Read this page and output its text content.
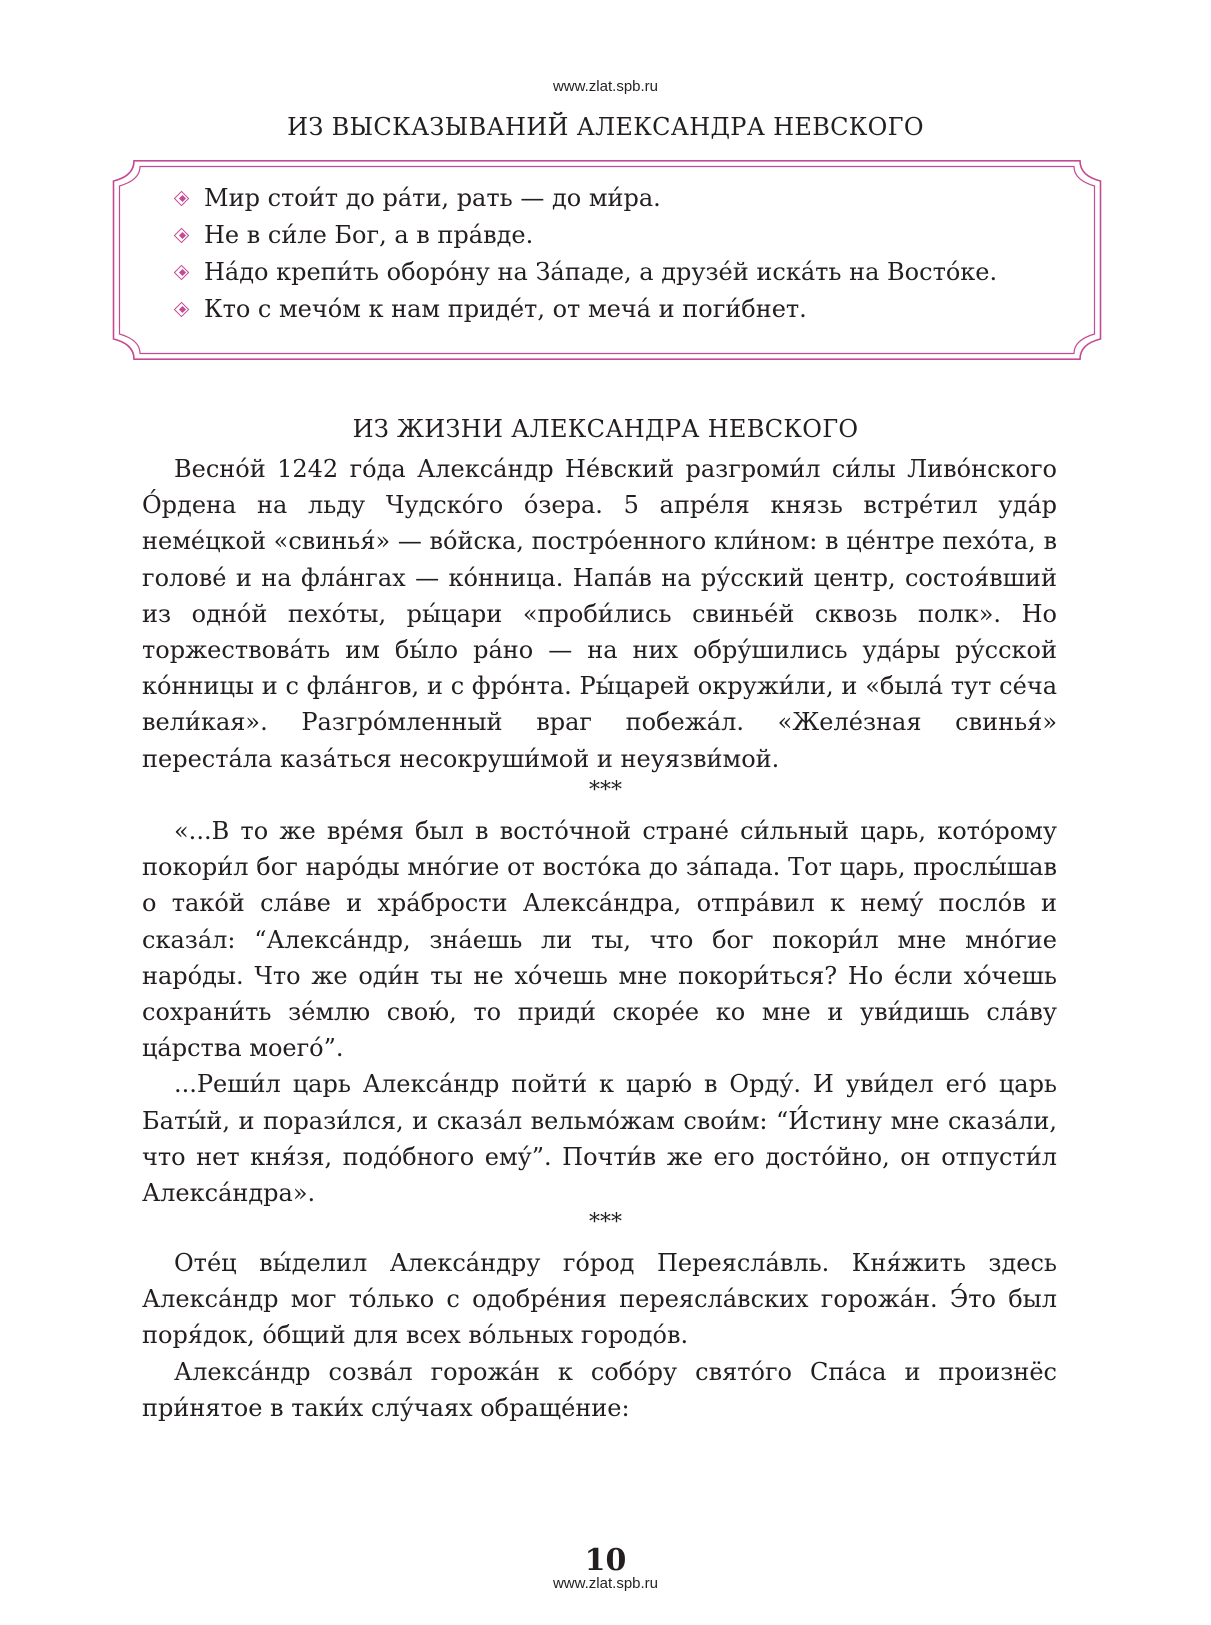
www.zlat.spb.ru
ИЗ ВЫСКАЗЫВАНИЙ АЛЕКСАНДРА НЕВСКОГО
Мир стои́т до ра́ти, рать — до ми́ра.
Не в си́ле Бог, а в пра́вде.
На́до крепи́ть оборо́ну на За́паде, а друзе́й иска́ть на Восто́ке.
Кто с мечо́м к нам приде́т, от меча́ и поги́бнет.
ИЗ ЖИЗНИ АЛЕКСАНДРА НЕВСКОГО

Весно́й 1242 го́да Алекса́ндр Не́вский разгроми́л си́лы Ливо́нского О́рдена на льду Чудско́го о́зера. 5 апре́ля князь встре́тил уда́р неме́цкой «свинья́» — во́йска, постро́енного кли́ном: в це́нтре пехо́та, в голове́ и на фла́нгах — ко́нница. Напа́в на ру́сский центр, состоя́вший из одно́й пехо́ты, ры́цари «проби́лись свинье́й сквозь полк». Но торжествова́ть им бы́ло ра́но — на них обру́шились уда́ры ру́сской ко́нницы и с фла́нгов, и с фро́нта. Ры́царей окружи́ли, и «была́ тут се́ча вели́кая». Разгро́мленный враг побежа́л. «Желе́зная свинья́» переста́ла каза́ться несокруши́мой и неуязви́мой.

***

«...В то же вре́мя был в восто́чной стране́ си́льный царь, кото́рому покори́л бог наро́ды мно́гие от восто́ка до за́пада. Тот царь, прослы́шав о тако́й сла́ве и хра́брости Алекса́ндра, отпра́вил к нему́ посло́в и сказа́л: “Алекса́ндр, зна́ешь ли ты, что бог покори́л мне мно́гие наро́ды. Что же оди́н ты не хо́чешь мне покори́ться? Но е́сли хо́чешь сохрани́ть зе́млю свою́, то приди́ скоре́е ко мне и уви́дишь сла́ву ца́рства моего́”.

...Реши́л царь Алекса́ндр пойти́ к царю́ в Орду́. И уви́дел его́ царь Баты́й, и порази́лся, и сказа́л вельмо́жам свои́м: “И́стину мне сказа́ли, что нет кня́зя, подо́бного ему́”. Почти́в же его досто́йно, он отпусти́л Алекса́ндра».

***

Оте́ц вы́делил Алекса́ндру го́род Переясла́вль. Кня́жить здесь Алекса́ндр мог то́лько с одобре́ния переясла́вских горожа́н. Э́то был поря́док, о́бщий для всех во́льных городо́в.

Алекса́ндр созва́л горожа́н к собо́ру свято́го Спа́са и произнёс при́нятое в таки́х слу́чаях обраще́ние:

10
www.zlat.spb.ru
